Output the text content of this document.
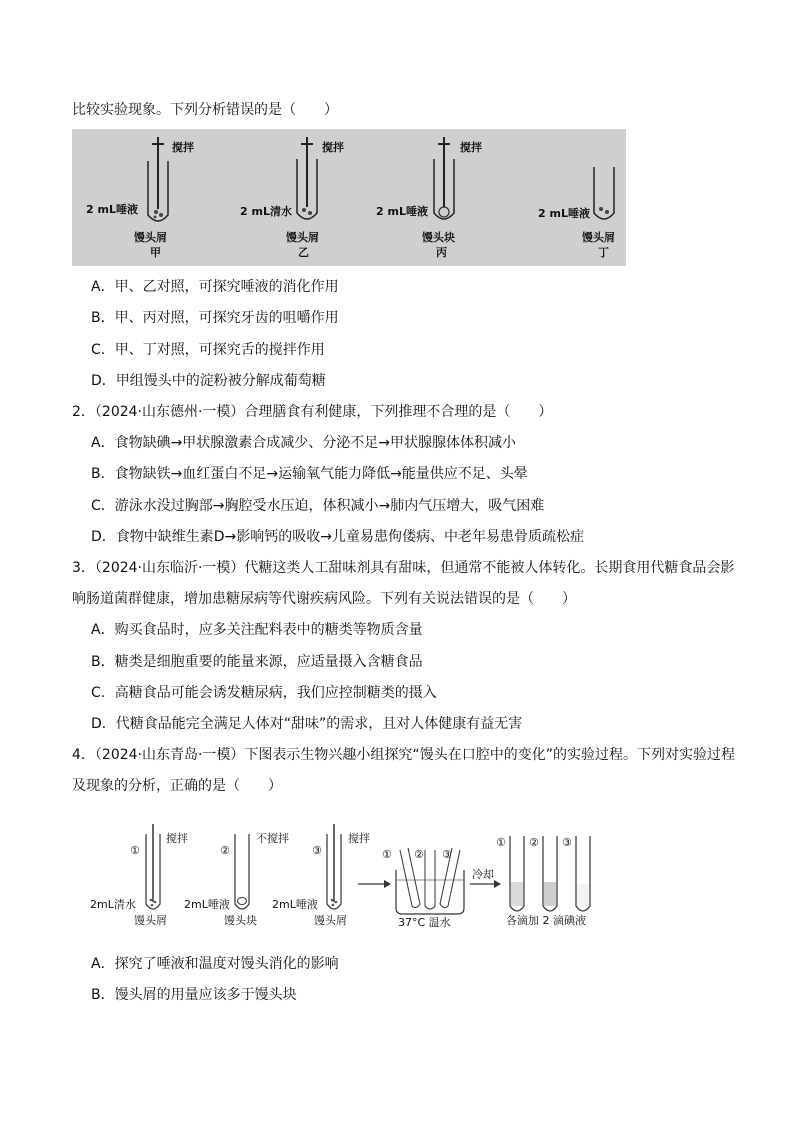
比较实验现象。下列分析错误的是（　　）
搅拌
2 mL唾液
馒头屑
甲
搅拌
2 mL清水
馒头屑
乙
搅拌
2 mL唾液
馒头块
丙
2 mL唾液
馒头屑
丁
A．甲、乙对照，可探究唾液的消化作用
B．甲、丙对照，可探究牙齿的咀嚼作用
C．甲、丁对照，可探究舌的搅拌作用
D．甲组馒头中的淀粉被分解成葡萄糖
2．（2024·山东德州·一模）合理膳食有利健康，下列推理不合理的是（　　）
A．食物缺碘→甲状腺激素合成减少、分泌不足→甲状腺腺体体积减小
B．食物缺铁→血红蛋白不足→运输氧气能力降低→能量供应不足、头晕
C．游泳水没过胸部→胸腔受水压迫，体积减小→肺内气压增大，吸气困难
D．食物中缺维生素D→影响钙的吸收→儿童易患佝偻病、中老年易患骨质疏松症
3．（2024·山东临沂·一模）代糖这类人工甜味剂具有甜味，但通常不能被人体转化。长期食用代糖食品会影
响肠道菌群健康，增加患糖尿病等代谢疾病风险。下列有关说法错误的是（　　）
A．购买食品时，应多关注配料表中的糖类等物质含量
B．糖类是细胞重要的能量来源，应适量摄入含糖食品
C．高糖食品可能会诱发糖尿病，我们应控制糖类的摄入
D．代糖食品能完全满足人体对“甜味”的需求，且对人体健康有益无害
4．（2024·山东青岛·一模）下图表示生物兴趣小组探究“馒头在口腔中的变化”的实验过程。下列对实验过程
及现象的分析，正确的是（　　）
①
搅拌
2mL清水
馒头屑
②
不搅拌
2mL唾液
馒头块
③
搅拌
2mL唾液
馒头屑
① ② ③
37°C 温水
冷却
① ② ③
各滴加 2 滴碘液
A．探究了唾液和温度对馒头消化的影响
B．馒头屑的用量应该多于馒头块
